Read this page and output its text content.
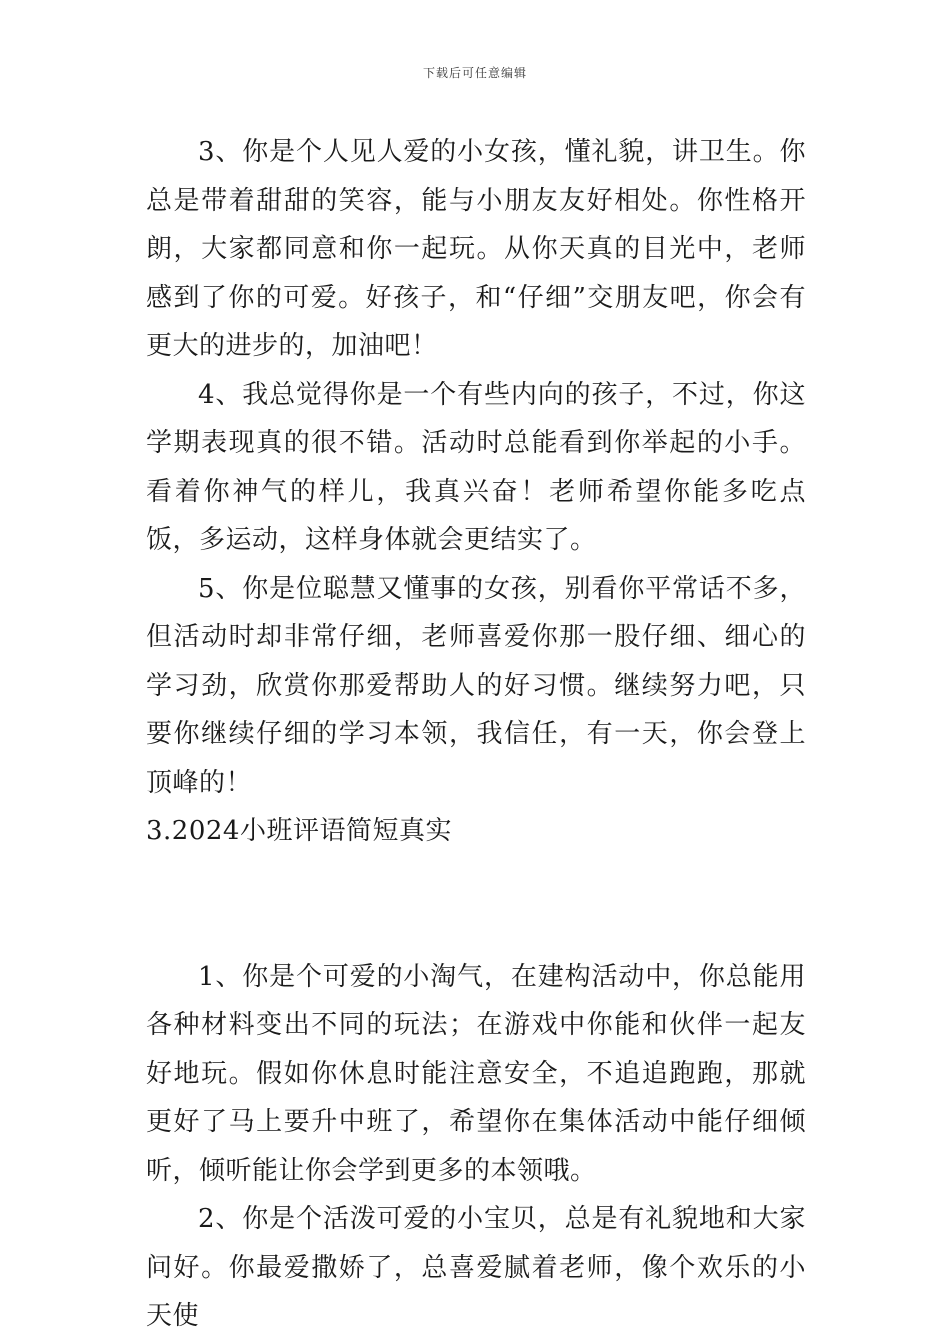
下载后可任意编辑

3、你是个人见人爱的小女孩，懂礼貌，讲卫生。你总是带着甜甜的笑容，能与小朋友友好相处。你性格开朗，大家都同意和你一起玩。从你天真的目光中，老师感到了你的可爱。好孩子，和“仔细”交朋友吧，你会有更大的进步的，加油吧！

4、我总觉得你是一个有些内向的孩子，不过，你这学期表现真的很不错。活动时总能看到你举起的小手。看着你神气的样儿，我真兴奋！老师希望你能多吃点饭，多运动，这样身体就会更结实了。

5、你是位聪慧又懂事的女孩，别看你平常话不多，但活动时却非常仔细，老师喜爱你那一股仔细、细心的学习劲，欣赏你那爱帮助人的好习惯。继续努力吧，只要你继续仔细的学习本领，我信任，有一天，你会登上顶峰的！

3.2024小班评语简短真实

1、你是个可爱的小淘气，在建构活动中，你总能用各种材料变出不同的玩法；在游戏中你能和伙伴一起友好地玩。假如你休息时能注意安全，不追追跑跑，那就更好了马上要升中班了，希望你在集体活动中能仔细倾听，倾听能让你会学到更多的本领哦。

2、你是个活泼可爱的小宝贝，总是有礼貌地和大家问好。你最爱撒娇了，总喜爱腻着老师，像个欢乐的小天使
